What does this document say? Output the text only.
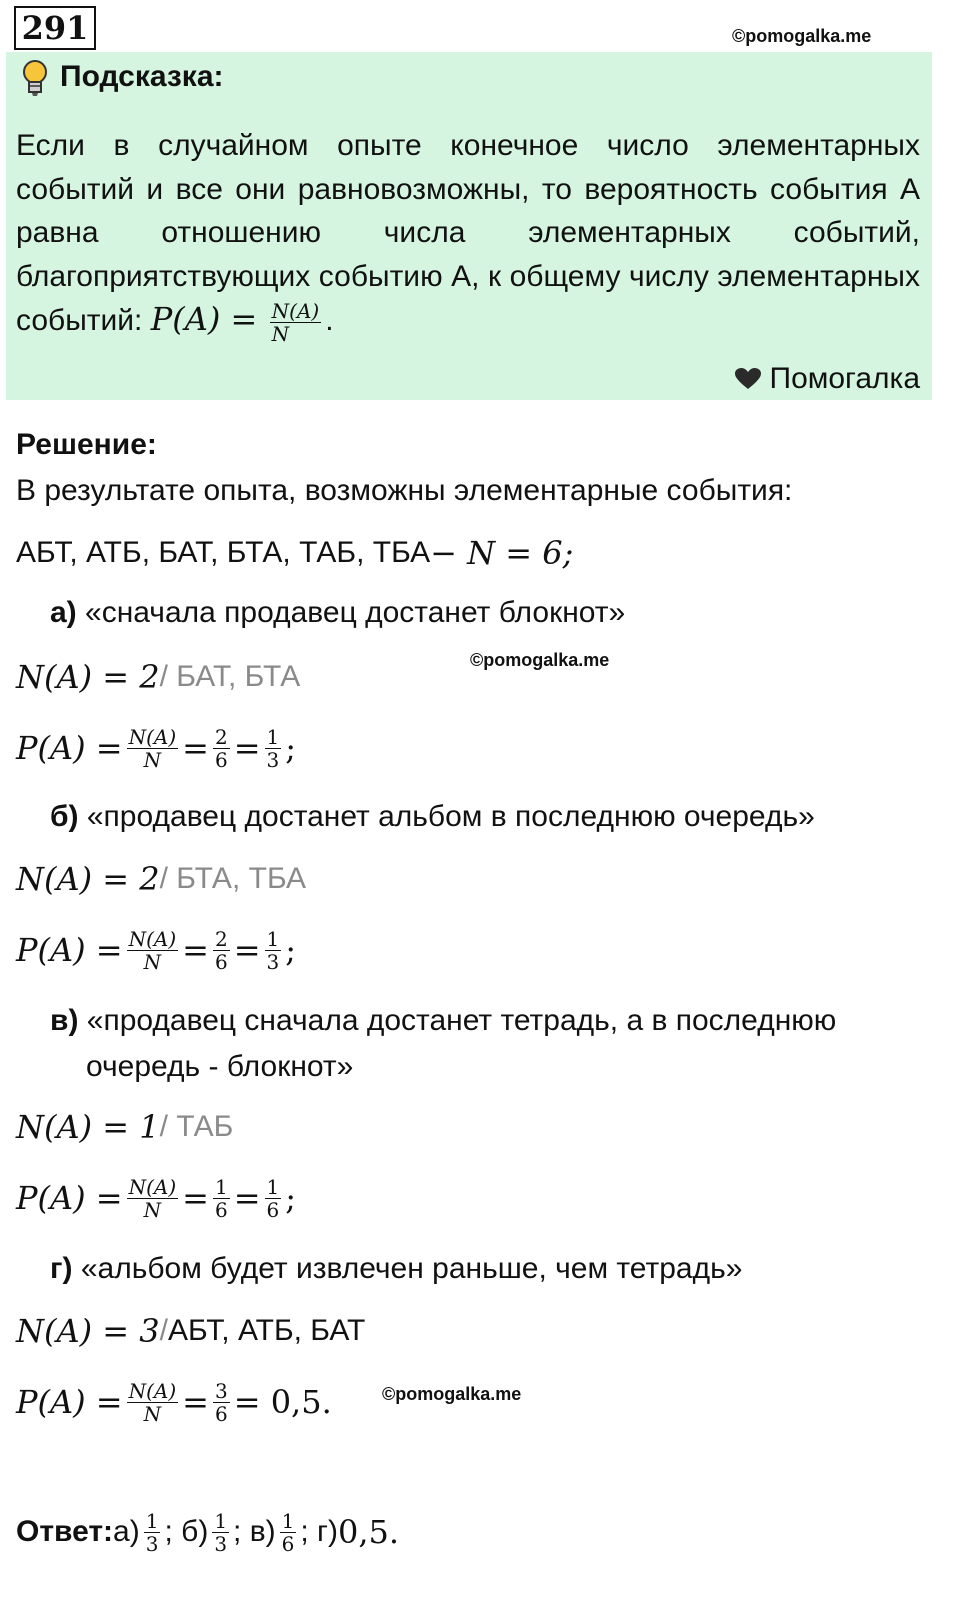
291	©pomogalka.me
Подсказка:
Если в случайном опыте конечное число элементарных событий и все они равновозможны, то вероятность события А равна отношению числа элементарных событий, благоприятствующих событию А, к общему числу элементарных событий: $P(A) = \frac{N(A)}{N}$ .
Помогалка
Решение:
В результате опыта, возможны элементарные события:
АБТ, АТБ, БАТ, БТА, ТАБ, ТБА − N = 6;
а) «сначала продавец достанет блокнот»
©pomogalka.me
N(A) = 2 / БАТ, БТА
$P(A) = \frac{N(A)}{N} = \frac{2}{6} = \frac{1}{3}$ ;
б) «продавец достанет альбом в последнюю очередь»
N(A) = 2 / БТА, ТБА
$P(A) = \frac{N(A)}{N} = \frac{2}{6} = \frac{1}{3}$ ;
в) «продавец сначала достанет тетрадь, а в последнюю
очередь - блокнот»
N(A) = 1 / ТАБ
$P(A) = \frac{N(A)}{N} = \frac{1}{6} = \frac{1}{6}$ ;
г) «альбом будет извлечен раньше, чем тетрадь»
N(A) = 3 / АБТ, АТБ, БАТ
$P(A) = \frac{N(A)}{N} = \frac{3}{6} = 0,5$.	©pomogalka.me
Ответ: $а) \frac{1}{3}$ ; $б) \frac{1}{3}$ ; $в) \frac{1}{6}$ ; г) 0,5.
